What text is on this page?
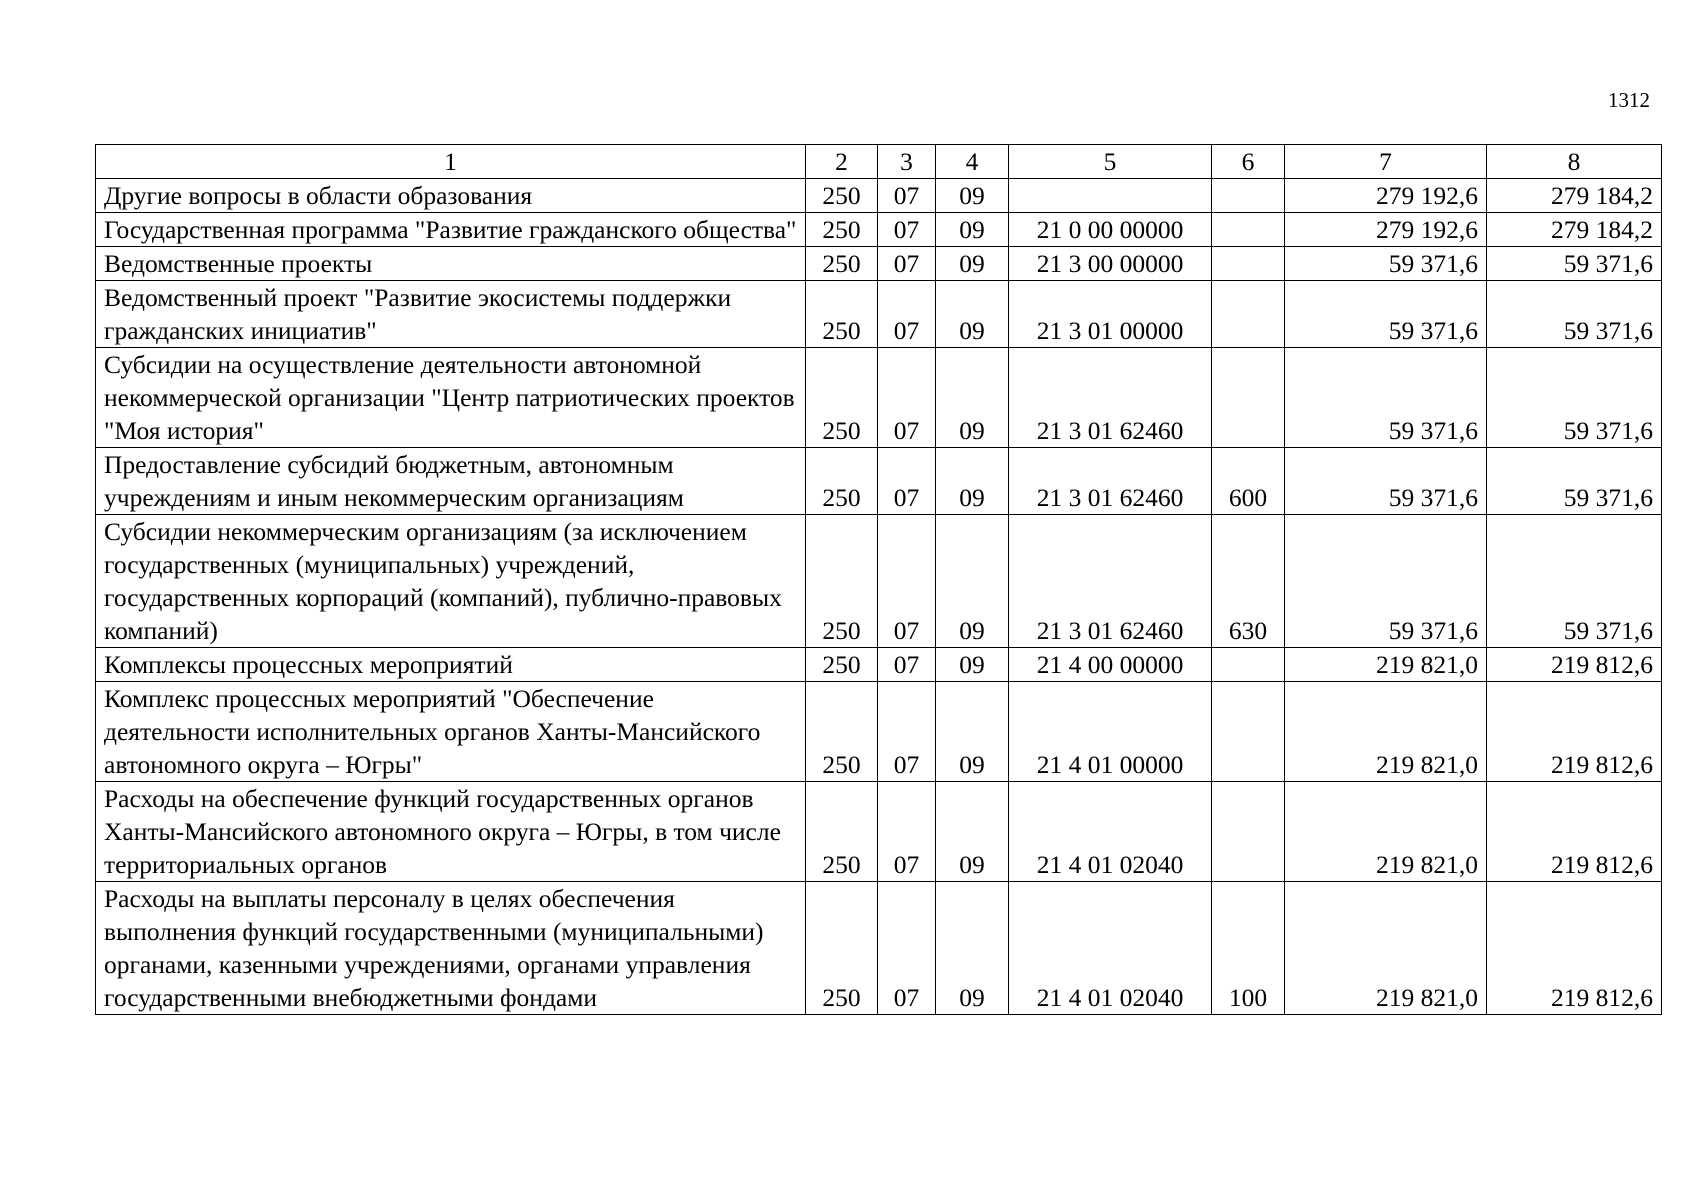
1312
1	2	3	4	5	6	7	8
Другие вопросы в области образования	250	07	09			279 192,6	279 184,2
Государственная программа "Развитие гражданского общества"	250	07	09	21 0 00 00000		279 192,6	279 184,2
Ведомственные проекты	250	07	09	21 3 00 00000		59 371,6	59 371,6
Ведомственный проект "Развитие экосистемы поддержки гражданских инициатив"	250	07	09	21 3 01 00000		59 371,6	59 371,6
Субсидии на осуществление деятельности автономной некоммерческой организации "Центр патриотических проектов "Моя история"	250	07	09	21 3 01 62460		59 371,6	59 371,6
Предоставление субсидий бюджетным, автономным учреждениям и иным некоммерческим организациям	250	07	09	21 3 01 62460	600	59 371,6	59 371,6
Субсидии некоммерческим организациям (за исключением государственных (муниципальных) учреждений, государственных корпораций (компаний), публично-правовых компаний)	250	07	09	21 3 01 62460	630	59 371,6	59 371,6
Комплексы процессных мероприятий	250	07	09	21 4 00 00000		219 821,0	219 812,6
Комплекс процессных мероприятий "Обеспечение деятельности исполнительных органов Ханты-Мансийского автономного округа – Югры"	250	07	09	21 4 01 00000		219 821,0	219 812,6
Расходы на обеспечение функций государственных органов Ханты-Мансийского автономного округа – Югры, в том числе территориальных органов	250	07	09	21 4 01 02040		219 821,0	219 812,6
Расходы на выплаты персоналу в целях обеспечения выполнения функций государственными (муниципальными) органами, казенными учреждениями, органами управления государственными внебюджетными фондами	250	07	09	21 4 01 02040	100	219 821,0	219 812,6
